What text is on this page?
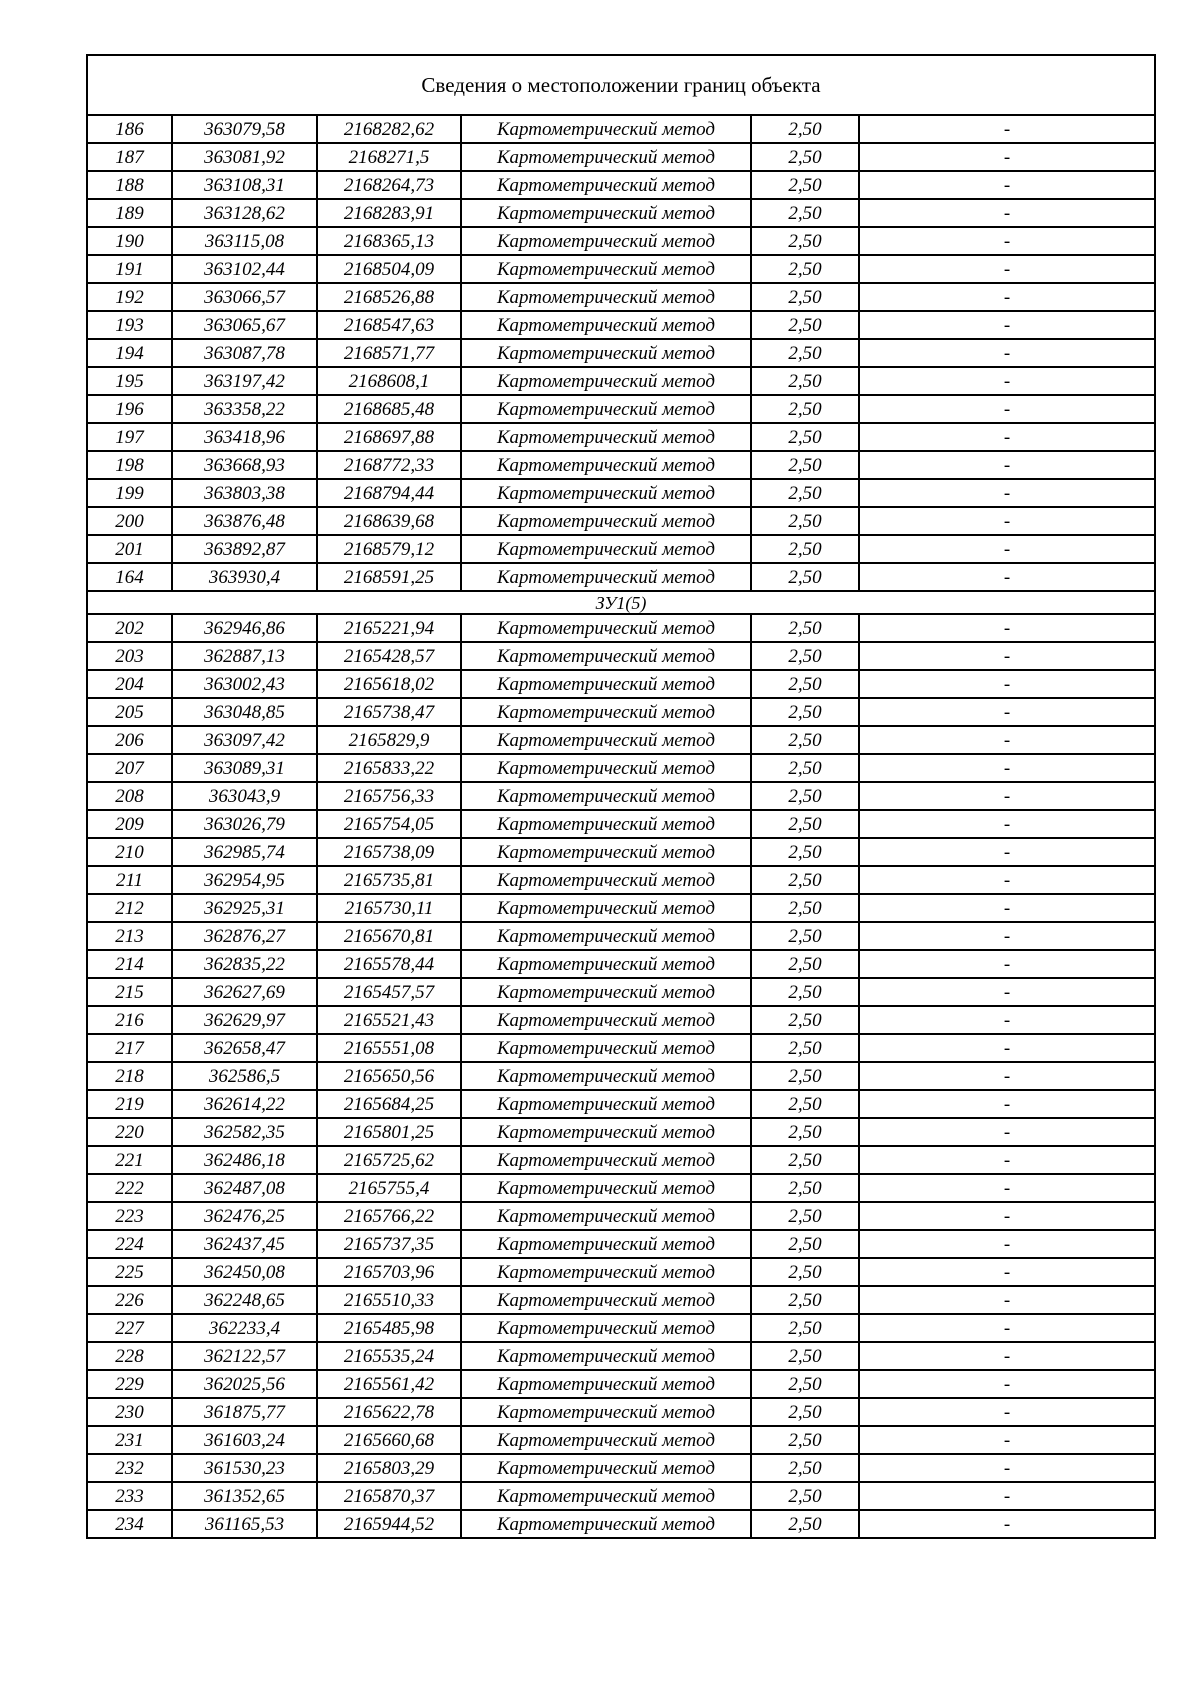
Сведения о местоположении границ объекта					
186	363079,58	2168282,62	Картометрический метод	2,50	-
187	363081,92	2168271,5	Картометрический метод	2,50	-
188	363108,31	2168264,73	Картометрический метод	2,50	-
189	363128,62	2168283,91	Картометрический метод	2,50	-
190	363115,08	2168365,13	Картометрический метод	2,50	-
191	363102,44	2168504,09	Картометрический метод	2,50	-
192	363066,57	2168526,88	Картометрический метод	2,50	-
193	363065,67	2168547,63	Картометрический метод	2,50	-
194	363087,78	2168571,77	Картометрический метод	2,50	-
195	363197,42	2168608,1	Картометрический метод	2,50	-
196	363358,22	2168685,48	Картометрический метод	2,50	-
197	363418,96	2168697,88	Картометрический метод	2,50	-
198	363668,93	2168772,33	Картометрический метод	2,50	-
199	363803,38	2168794,44	Картометрический метод	2,50	-
200	363876,48	2168639,68	Картометрический метод	2,50	-
201	363892,87	2168579,12	Картометрический метод	2,50	-
164	363930,4	2168591,25	Картометрический метод	2,50	-
ЗУ1(5)					
202	362946,86	2165221,94	Картометрический метод	2,50	-
203	362887,13	2165428,57	Картометрический метод	2,50	-
204	363002,43	2165618,02	Картометрический метод	2,50	-
205	363048,85	2165738,47	Картометрический метод	2,50	-
206	363097,42	2165829,9	Картометрический метод	2,50	-
207	363089,31	2165833,22	Картометрический метод	2,50	-
208	363043,9	2165756,33	Картометрический метод	2,50	-
209	363026,79	2165754,05	Картометрический метод	2,50	-
210	362985,74	2165738,09	Картометрический метод	2,50	-
211	362954,95	2165735,81	Картометрический метод	2,50	-
212	362925,31	2165730,11	Картометрический метод	2,50	-
213	362876,27	2165670,81	Картометрический метод	2,50	-
214	362835,22	2165578,44	Картометрический метод	2,50	-
215	362627,69	2165457,57	Картометрический метод	2,50	-
216	362629,97	2165521,43	Картометрический метод	2,50	-
217	362658,47	2165551,08	Картометрический метод	2,50	-
218	362586,5	2165650,56	Картометрический метод	2,50	-
219	362614,22	2165684,25	Картометрический метод	2,50	-
220	362582,35	2165801,25	Картометрический метод	2,50	-
221	362486,18	2165725,62	Картометрический метод	2,50	-
222	362487,08	2165755,4	Картометрический метод	2,50	-
223	362476,25	2165766,22	Картометрический метод	2,50	-
224	362437,45	2165737,35	Картометрический метод	2,50	-
225	362450,08	2165703,96	Картометрический метод	2,50	-
226	362248,65	2165510,33	Картометрический метод	2,50	-
227	362233,4	2165485,98	Картометрический метод	2,50	-
228	362122,57	2165535,24	Картометрический метод	2,50	-
229	362025,56	2165561,42	Картометрический метод	2,50	-
230	361875,77	2165622,78	Картометрический метод	2,50	-
231	361603,24	2165660,68	Картометрический метод	2,50	-
232	361530,23	2165803,29	Картометрический метод	2,50	-
233	361352,65	2165870,37	Картометрический метод	2,50	-
234	361165,53	2165944,52	Картометрический метод	2,50	-
